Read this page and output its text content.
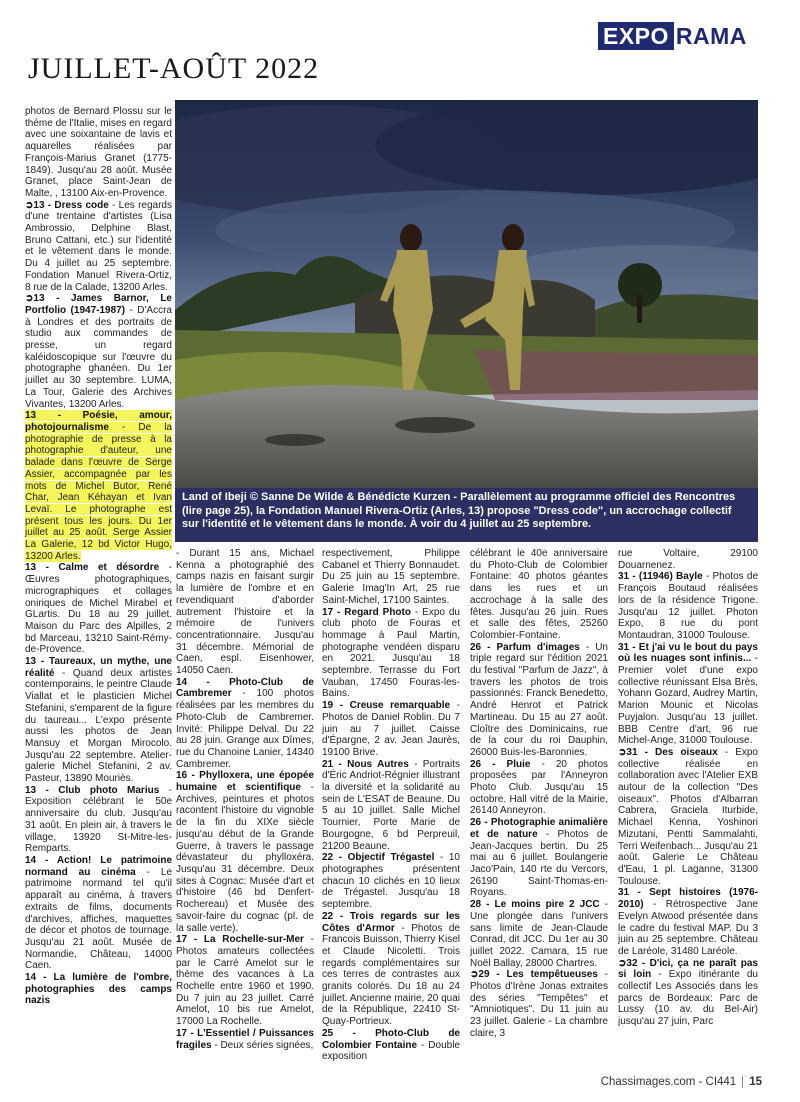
EXPO RAMA
JUILLET-AOÛT 2022
Land of Ibeji © Sanne De Wilde & Bénédicte Kurzen - Parallèlement au programme officiel des Rencontres (lire page 25), la Fondation Manuel Rivera-Ortiz (Arles, 13) propose "Dress code", un accrochage collectif sur l'identité et le vêtement dans le monde. À voir du 4 juillet au 25 septembre.

photos de Bernard Plossu sur le thème de l'Italie, mises en regard avec une soixantaine de lavis et aquarelles réalisées par François-Marius Granet (1775-1849). Jusqu'au 28 août. Musée Granet, place Saint-Jean de Malte, , 13100 Aix-en-Provence.

➲13 - Dress code - Les regards d'une trentaine d'artistes (Lisa Ambrossio, Delphine Blast, Bruno Cattani, etc.) sur l'identité et le vêtement dans le monde. Du 4 juillet au 25 septembre. Fondation Manuel Rivera-Ortiz, 8 rue de la Calade, 13200 Arles.

➲13 - James Barnor, Le Portfolio (1947-1987) - D'Accra à Londres et des portraits de studio aux commandes de presse, un regard kaléidoscopique sur l'œuvre du photographe ghanéen. Du 1er juillet au 30 septembre. LUMA, La Tour, Galerie des Archives Vivantes, 13200 Arles.

13 - Poésie, amour, photojournalisme - De la photographie de presse à la photographie d'auteur, une balade dans l'œuvre de Serge Assier, accompagnée par les mots de Michel Butor, René Char, Jean Kéhayan et Ivan Levaï. Le photographe est présent tous les jours. Du 1er juillet au 25 août. Serge Assier La Galerie, 12 bd Victor Hugo, 13200 Arles.

13 - Calme et désordre - Œuvres photographiques, micrographiques et collages oniriques de Michel Mirabel et GLartis. Du 18 au 29 juillet. Maison du Parc des Alpilles, 2 bd Marceau, 13210 Saint-Rémy-de-Provence.

13 - Taureaux, un mythe, une réalité - Quand deux artistes contemporains, le peintre Claude Viallat et le plasticien Michel Stefanini, s'emparent de la figure du taureau... L'expo présente aussi les photos de Jean Mansuy et Morgan Mirocolo. Jusqu'au 22 septembre. Atelier-galerie Michel Stefanini, 2 av. Pasteur, 13890 Mouriès.

13 - Club photo Marius - Exposition célébrant le 50e anniversaire du club. Jusqu'au 31 août. En plein air, à travers le village, 13920 St-Mitre-les-Remparts.

14 - Action! Le patrimoine normand au cinéma - Le patrimoine normand tel qu'il apparaît au cinéma, à travers extraits de films, documents d'archives, affiches, maquettes de décor et photos de tournage. Jusqu'au 21 août. Musée de Normandie, Château, 14000 Caen.

14 - La lumière de l'ombre, photographies des camps nazis

- Durant 15 ans, Michael Kenna a photographié des camps nazis en faisant surgir la lumière de l'ombre et en revendiquant d'aborder autrement l'histoire et la mémoire de l'univers concentrationnaire. Jusqu'au 31 décembre. Mémorial de Caen, espl. Eisenhower, 14050 Caen.

14 - Photo-Club de Cambremer - 100 photos réalisées par les membres du Photo-Club de Cambremer. Invité: Philippe Delval. Du 22 au 28 juin. Grange aux Dîmes, rue du Chanoine Lanier, 14340 Cambremer.

16 - Phylloxera, une épopée humaine et scientifique - Archives, peintures et photos racontent l'histoire du vignoble de la fin du XIXe siècle jusqu'au début de la Grande Guerre, à travers le passage dévastateur du phylloxéra. Jusqu'au 31 décembre. Deux sites à Cognac: Musée d'art et d'histoire (46 bd Denfert-Rochereau) et Musée des savoir-faire du cognac (pl. de la salle verte).

17 - La Rochelle-sur-Mer - Photos amateurs collectées par le Carré Amelot sur le thème des vacances à La Rochelle entre 1960 et 1990. Du 7 juin au 23 juillet. Carré Amelot, 10 bis rue Amelot, 17000 La Rochelle.

17 - L'Essentiel / Puissances fragiles - Deux séries signées,

respectivement, Philippe Cabanel et Thierry Bonnaudet. Du 25 juin au 15 septembre. Galerie Imag'In Art, 25 rue Saint-Michel, 17100 Saintes.

17 - Regard Photo - Expo du club photo de Fouras et hommage à Paul Martin, photographe vendéen disparu en 2021. Jusqu'au 18 septembre. Terrasse du Fort Vauban, 17450 Fouras-les-Bains.

19 - Creuse remarquable - Photos de Daniel Roblin. Du 7 juin au 7 juillet. Caisse d'Épargne, 2 av. Jean Jaurès, 19100 Brive.

21 - Nous Autres - Portraits d'Éric Andriot-Régnier illustrant la diversité et la solidarité au sein de L'ESAT de Beaune. Du 5 au 10 juillet. Salle Michel Tournier, Porte Marie de Bourgogne, 6 bd Perpreuil, 21200 Beaune.

22 - Objectif Trégastel - 10 photographes présentent chacun 10 clichés en 10 lieux de Trégastel. Jusqu'au 18 septembre.

22 - Trois regards sur les Côtes d'Armor - Photos de Francois Buisson, Thierry Kisel et Claude Nicoletti. Trois regards complémentaires sur ces terres de contrastes aux granits colorés. Du 18 au 24 juillet. Ancienne mairie, 20 quai de la République, 22410 St-Quay-Portrieux.

25 - Photo-Club de Colombier Fontaine - Double exposition

célébrant le 40e anniversaire du Photo-Club de Colombier Fontaine: 40 photos géantes dans les rues et un accrochage à la salle des fêtes. Jusqu'au 26 juin. Rues et salle des fêtes, 25260 Colombier-Fontaine.

26 - Parfum d'images - Un triple regard sur l'édition 2021 du festival "Parfum de Jazz", à travers les photos de trois passionnés: Franck Benedetto, André Henrot et Patrick Martineau. Du 15 au 27 août. Cloître des Dominicains, rue de la cour du roi Dauphin, 26000 Buis-les-Baronnies.

26 - Pluie - 20 photos proposées par l'Anneyron Photo Club. Jusqu'au 15 octobre. Hall vitré de la Mairie, 26140 Anneyron.

26 - Photographie animalière et de nature - Photos de Jean-Jacques bertin. Du 25 mai au 6 juillet. Boulangerie Jaco'Pain, 140 rte du Vercors, 26190 Saint-Thomas-en-Royans.

28 - Le moins pire 2 JCC - Une plongée dans l'univers sans limite de Jean-Claude Conrad, dit JCC. Du 1er au 30 juillet 2022. Camara, 15 rue Noël Ballay, 28000 Chartres.

➲29 - Les tempêtueuses - Photos d'Irène Jonas extraites des séries "Tempêtes" et "Amniotiques". Du 11 juin au 23 juillet. Galerie - La chambre claire, 3

rue Voltaire, 29100 Douarnenez.

31 - (11946) Bayle - Photos de François Boutaud réalisées lors de la résidence Trigone. Jusqu'au 12 juillet. Photon Expo, 8 rue du pont Montaudran, 31000 Toulouse.

31 - Et j'ai vu le bout du pays où les nuages sont infinis... - Premier volet d'une expo collective réunissant Elsa Brès, Yohann Gozard, Audrey Martin, Marion Mounic et Nicolas Puyjalon. Jusqu'au 13 juillet. BBB Centre d'art, 96 rue Michel-Ange, 31000 Toulouse.

➲31 - Des oiseaux - Expo collective réalisée en collaboration avec l'Atelier EXB autour de la collection "Des oiseaux". Photos d'Albarran Cabrera, Graciela Iturbide, Michael Kenna, Yoshinori Mizutani, Pentti Sammalahti, Terri Weifenbach... Jusqu'au 21 août. Galerie Le Château d'Eau, 1 pl. Laganne, 31300 Toulouse.

31 - Sept histoires (1976-2010) - Rétrospective Jane Evelyn Atwood présentée dans le cadre du festival MAP. Du 3 juin au 25 septembre. Château de Laréole, 31480 Laréole.

➲32 - D'ici, ça ne paraît pas si loin - Expo itinérante du collectif Les Associés dans les parcs de Bordeaux: Parc de Lussy (10 av. du Bel-Air) jusqu'au 27 juin, Parc

Chassimages.com - CI441 15
